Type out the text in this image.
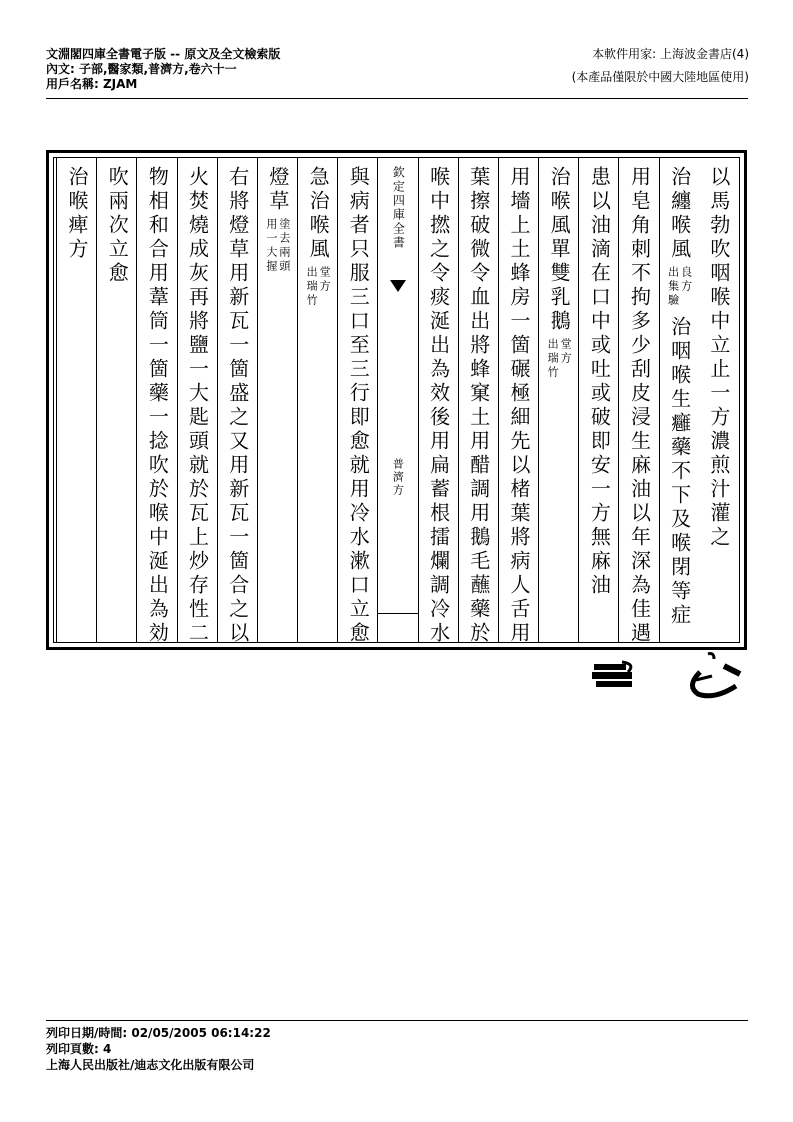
文淵閣四庫全書電子版 -- 原文及全文檢索版
內文: 子部,醫家類,普濟方,卷六十一
用戶名稱: ZJAM
本軟件用家: 上海波金書店(4)
(本產品僅限於中國大陸地區使用)
以馬勃吹咽喉中立止一方濃煎汁灌之
治纏喉風出集驗良方治咽喉生癰藥不下及喉閉等症
用皂角刺不拘多少刮皮浸生麻油以年深為佳遇
患以油滴在口中或吐或破即安一方無麻油
治喉風單雙乳鵝出瑞竹堂方
用墻上土蜂房一箇碾極細先以楮葉將病人舌用
葉擦破微令血出將蜂窠土用醋調用鵝毛蘸藥於
喉中撚之令痰涎出為效後用扁蓄根擂爛調冷水
欽定四庫全書
普濟方
與病者只服三口至三行即愈就用冷水漱口立愈
急治喉風出瑞竹堂方
燈草用一大握塗去兩頭
右將燈草用新瓦一箇盛之又用新瓦一箇合之以
火焚燒成灰再將鹽一大匙頭就於瓦上炒存性二
物相和合用葦筒一箇藥一捻吹於喉中涎出為効
吹兩次立愈
治喉痺方
列印日期/時間: 02/05/2005 06:14:22
列印頁數: 4
上海人民出版社/迪志文化出版有限公司
